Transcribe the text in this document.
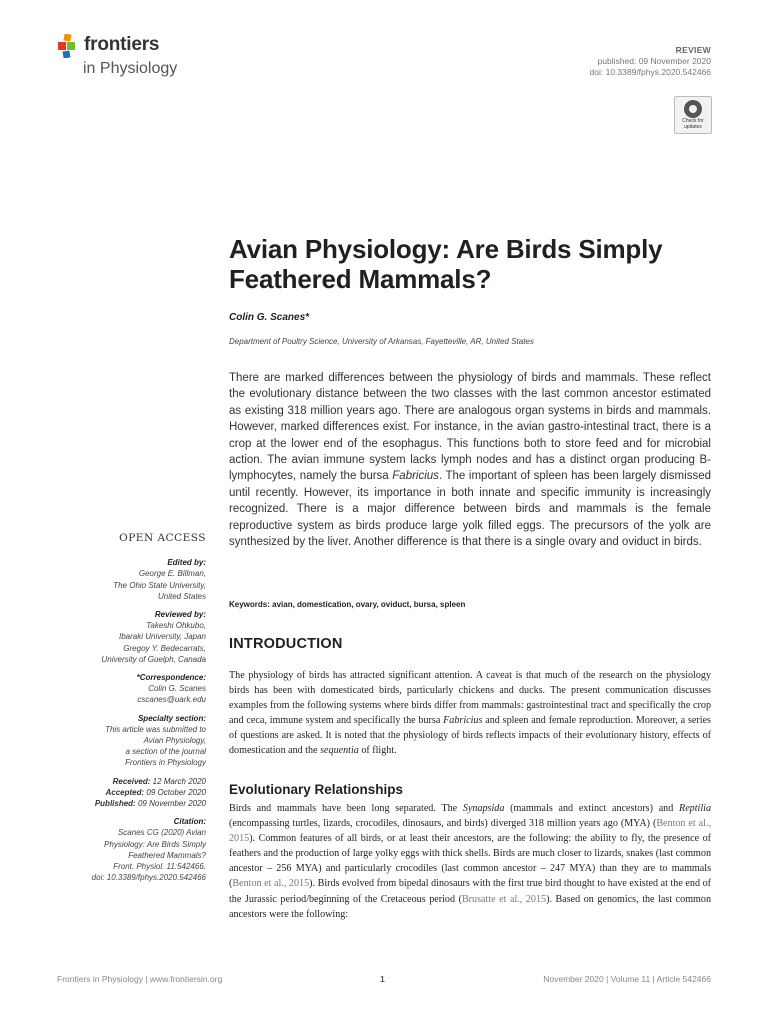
frontiers
in Physiology
REVIEW
published: 09 November 2020
doi: 10.3389/fphys.2020.542466
Check for updates
Avian Physiology: Are Birds Simply Feathered Mammals?
Colin G. Scanes*
Department of Poultry Science, University of Arkansas, Fayetteville, AR, United States
There are marked differences between the physiology of birds and mammals. These reflect the evolutionary distance between the two classes with the last common ancestor estimated as existing 318 million years ago. There are analogous organ systems in birds and mammals. However, marked differences exist. For instance, in the avian gastro-intestinal tract, there is a crop at the lower end of the esophagus. This functions both to store feed and for microbial action. The avian immune system lacks lymph nodes and has a distinct organ producing B-lymphocytes, namely the bursa Fabricius. The important of spleen has been largely dismissed until recently. However, its importance in both innate and specific immunity is increasingly recognized. There is a major difference between birds and mammals is the female reproductive system as birds produce large yolk filled eggs. The precursors of the yolk are synthesized by the liver. Another difference is that there is a single ovary and oviduct in birds.
Keywords: avian, domestication, ovary, oviduct, bursa, spleen
OPEN ACCESS
Edited by:
George E. Billman,
The Ohio State University,
United States
Reviewed by:
Takeshi Ohkubo,
Ibaraki University, Japan
Gregoy Y. Bedecarrats,
University of Guelph, Canada
*Correspondence:
Colin G. Scanes
cscanes@uark.edu
Specialty section:
This article was submitted to
Avian Physiology,
a section of the journal
Frontiers in Physiology
Received: 12 March 2020
Accepted: 09 October 2020
Published: 09 November 2020
Citation:
Scanes CG (2020) Avian
Physiology: Are Birds Simply
Feathered Mammals?
Front. Physiol. 11:542466.
doi: 10.3389/fphys.2020.542466
INTRODUCTION
The physiology of birds has attracted significant attention. A caveat is that much of the research on the physiology birds has been with domesticated birds, particularly chickens and ducks. The present communication discusses examples from the following systems where birds differ from mammals: gastrointestinal tract and specifically the crop and ceca, immune system and specifically the bursa Fabricius and spleen and female reproduction. Moreover, a series of questions are asked. It is noted that the physiology of birds reflects impacts of their evolutionary history, effects of domestication and the sequentia of flight.
Evolutionary Relationships
Birds and mammals have been long separated. The Synapsida (mammals and extinct ancestors) and Reptilia (encompassing turtles, lizards, crocodiles, dinosaurs, and birds) diverged 318 million years ago (MYA) (Benton et al., 2015). Common features of all birds, or at least their ancestors, are the following: the ability to fly, the presence of feathers and the production of large yolky eggs with thick shells. Birds are much closer to lizards, snakes (last common ancestor – 256 MYA) and particularly crocodiles (last common ancestor – 247 MYA) than they are to mammals (Benton et al., 2015). Birds evolved from bipedal dinosaurs with the first true bird thought to have existed at the end of the Jurassic period/beginning of the Cretaceous period (Brusatte et al., 2015). Based on genomics, the last common ancestors were the following:
Frontiers in Physiology | www.frontiersin.org	1	November 2020 | Volume 11 | Article 542466
